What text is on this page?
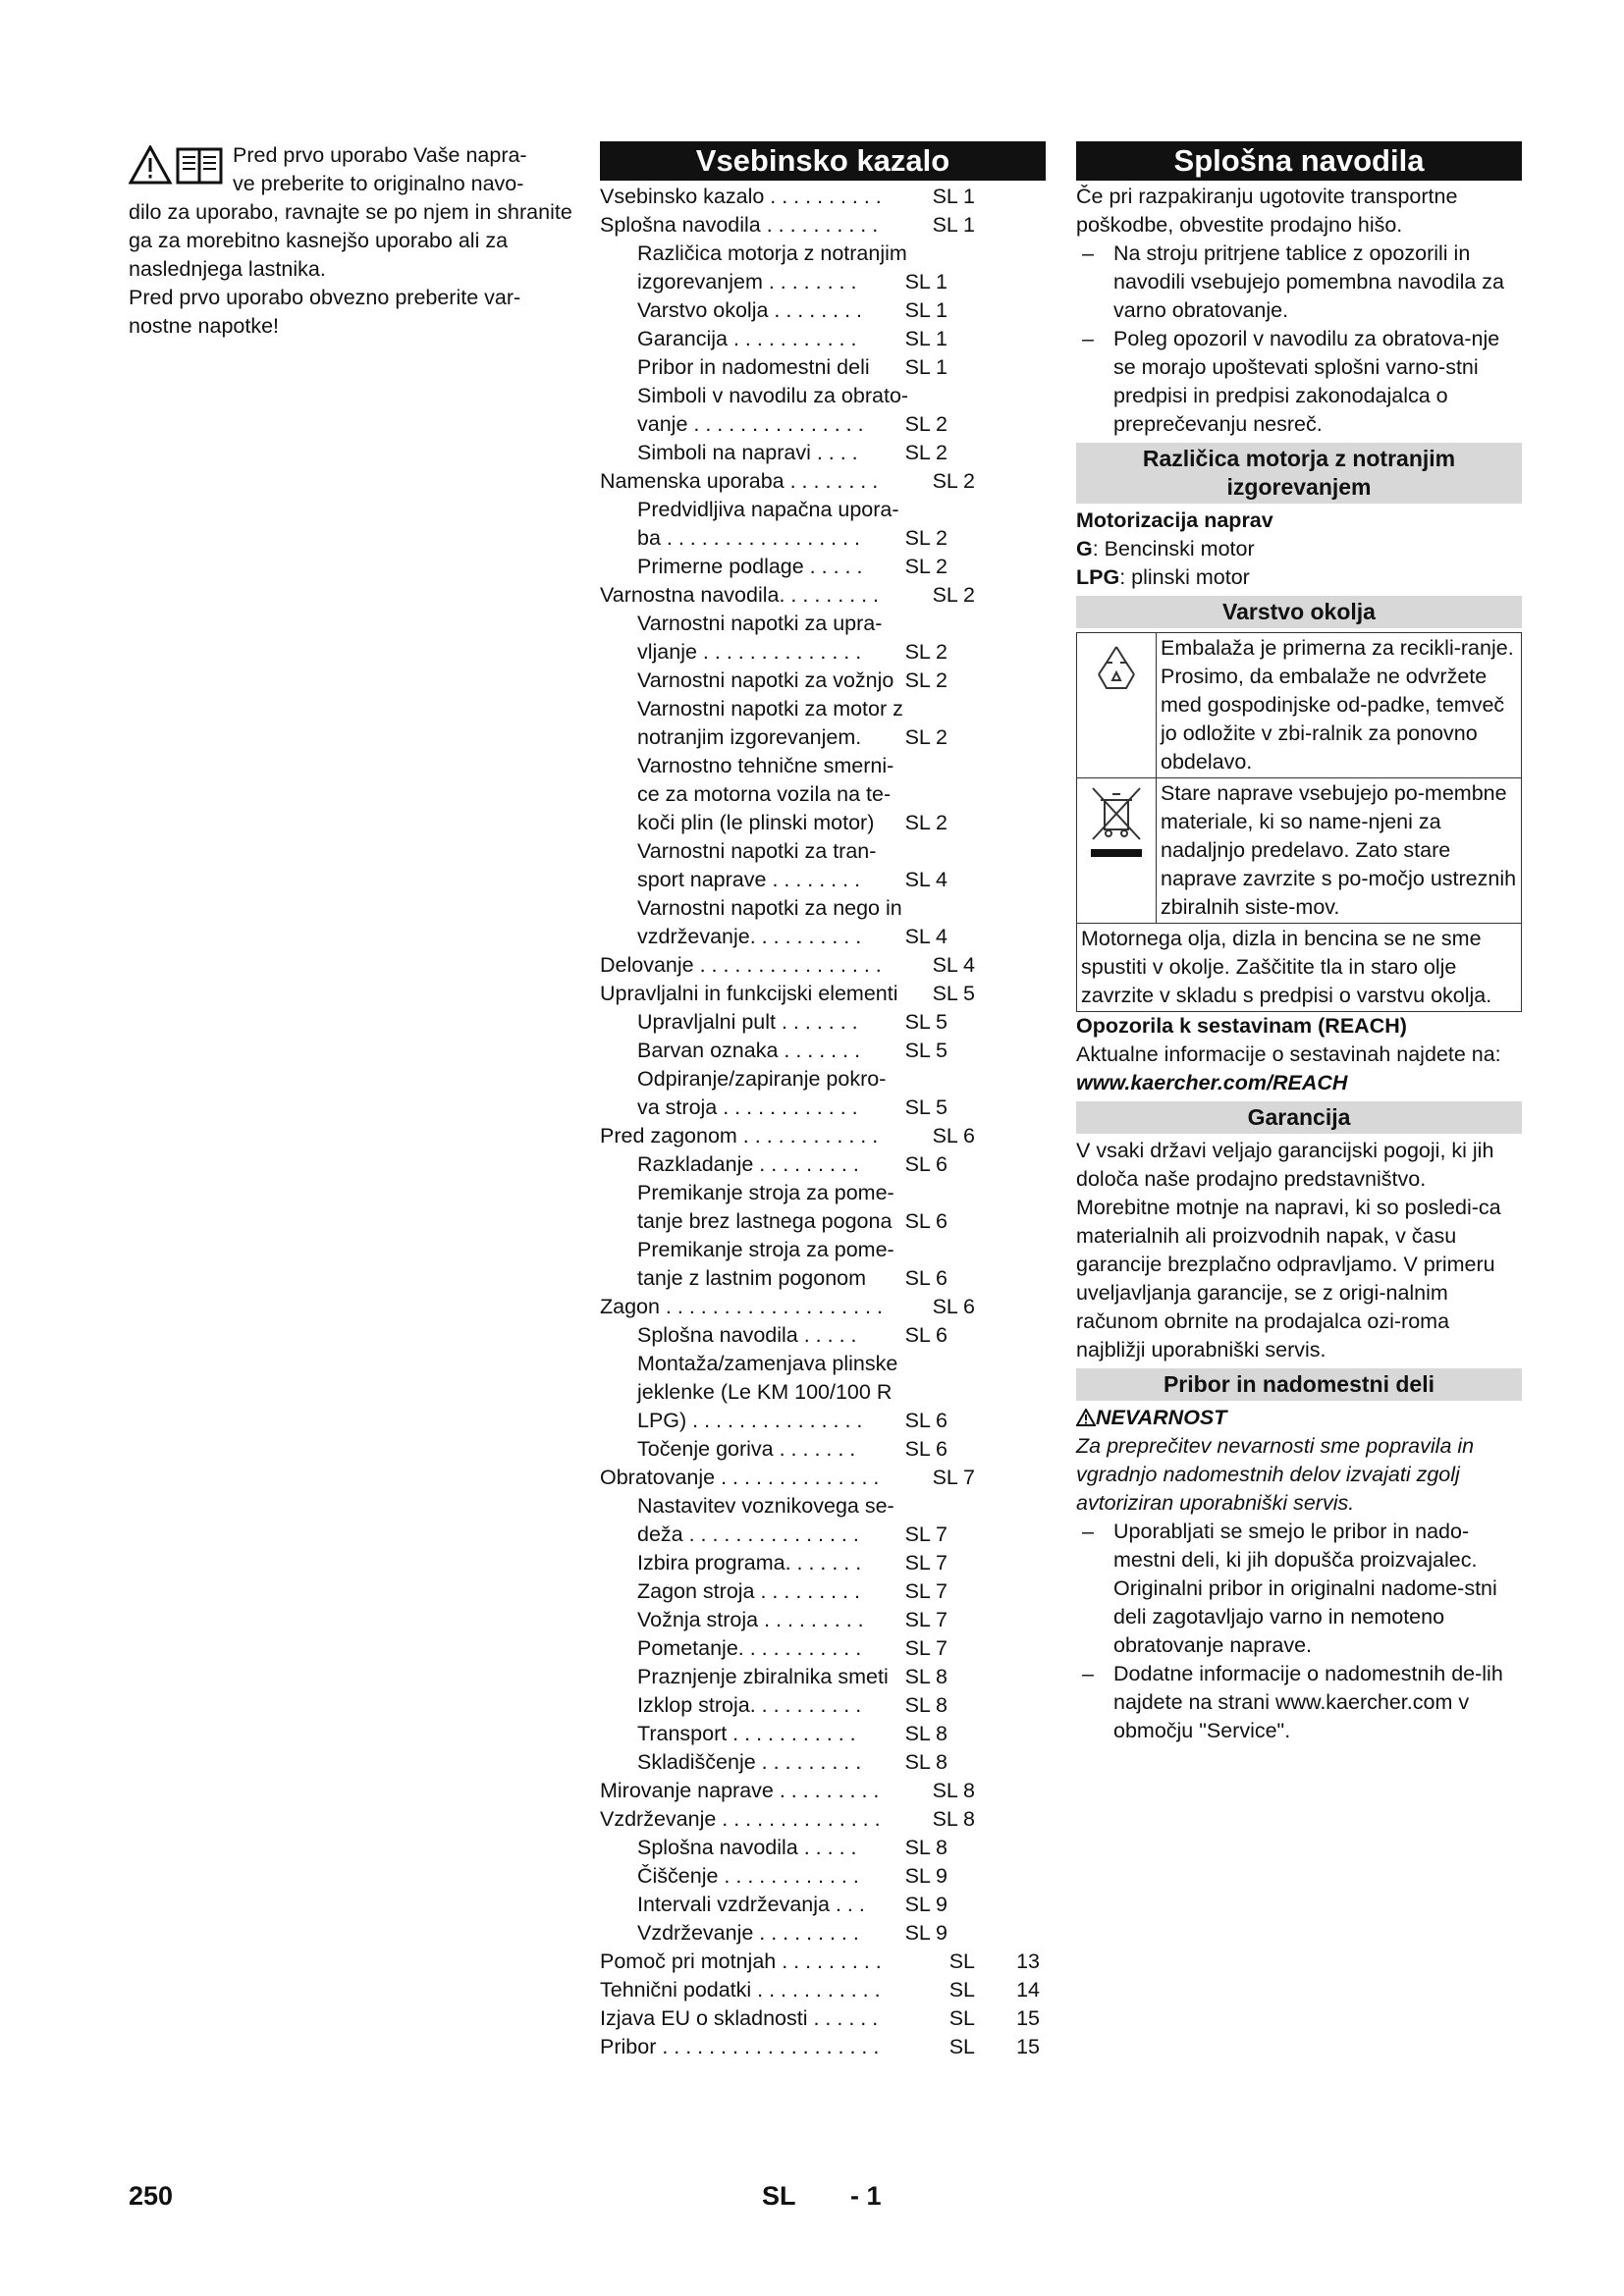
Pred prvo uporabo Vaše napra-
ve preberite to originalno navo-

dilo za uporabo, ravnajte se po njem in shranite ga za morebitno kasnejšo uporabo ali za naslednjega lastnika.

Pred prvo uporabo obvezno preberite var-nostne napotke!

Vsebinsko kazalo
Vsebinsko kazalo . . . . . . . . . .	SL 1
Splošna navodila . . . . . . . . . .	SL 1
Različica motorja z notranjim
izgorevanjem . . . . . . . .	SL 1
Varstvo okolja . . . . . . . .	SL 1
Garancija . . . . . . . . . . .	SL 1
Pribor in nadomestni deli	SL 1
Simboli v navodilu za obrato-
vanje . . . . . . . . . . . . . . .	SL 2
Simboli na napravi . . . .	SL 2
Namenska uporaba . . . . . . . .	SL 2
Predvidljiva napačna upora-
ba . . . . . . . . . . . . . . . . .	SL 2
Primerne podlage . . . . .	SL 2
Varnostna navodila. . . . . . . . .	SL 2
Varnostni napotki za upra-
vljanje . . . . . . . . . . . . . .	SL 2
Varnostni napotki za vožnjo SL 2
Varnostni napotki za motor z
notranjim izgorevanjem.	SL 2
Varnostno tehnične smerni-
ce za motorna vozila na te-
koči plin (le plinski motor)	SL 2
Varnostni napotki za tran-
sport naprave . . . . . . . .	SL 4
Varnostni napotki za nego in
vzdrževanje. . . . . . . . . .	SL 4
Delovanje . . . . . . . . . . . . . . . .	SL 4
Upravljalni in funkcijski elementi	SL 5
Upravljalni pult . . . . . . .	SL 5
Barvan oznaka . . . . . . .	SL 5
Odpiranje/zapiranje pokro-
va stroja . . . . . . . . . . . .	SL 5
Pred zagonom . . . . . . . . . . . .	SL 6
Razkladanje . . . . . . . . .	SL 6
Premikanje stroja za pome-
tanje brez lastnega pogona SL 6
Premikanje stroja za pome-
tanje z lastnim pogonom	SL 6
Zagon . . . . . . . . . . . . . . . . . . .	SL 6
Splošna navodila . . . . .	SL 6
Montaža/zamenjava plinske
jeklenke (Le KM 100/100 R
LPG) . . . . . . . . . . . . . . .	SL 6
Točenje goriva . . . . . . .	SL 6
Obratovanje . . . . . . . . . . . . . .	SL 7
Nastavitev voznikovega se-
deža . . . . . . . . . . . . . . .	SL 7
Izbira programa. . . . . . .	SL 7
Zagon stroja . . . . . . . . .	SL 7
Vožnja stroja . . . . . . . . .	SL 7
Pometanje. . . . . . . . . . .	SL 7
Praznjenje zbiralnika smeti SL 8
Izklop stroja. . . . . . . . . .	SL 8
Transport . . . . . . . . . . .	SL 8
Skladiščenje . . . . . . . . .	SL 8
Mirovanje naprave . . . . . . . . .	SL 8
Vzdrževanje . . . . . . . . . . . . . .	SL 8
Splošna navodila . . . . .	SL 8
Čiščenje . . . . . . . . . . . .	SL 9
Intervali vzdrževanja . . .	SL 9
Vzdrževanje . . . . . . . . .	SL 9
Pomoč pri motnjah . . . . . . . . .	SL 13
Tehnični podatki . . . . . . . . . . .	SL 14
Izjava EU o skladnosti . . . . . .	SL 15
Pribor . . . . . . . . . . . . . . . . . . .	SL 15
Splošna navodila

Če pri razpakiranju ugotovite transportne poškodbe, obvestite prodajno hišo.

– Na stroju pritrjene tablice z opozorili in navodili vsebujejo pomembna navodila za varno obratovanje.
– Poleg opozoril v navodilu za obratova-nje se morajo upoštevati splošni varno-stni predpisi in predpisi zakonodajalca o preprečevanju nesreč.
Različica motorja z notranjim izgorevanjem
Motorizacija naprav
G: Bencinski motor
LPG: plinski motor
Varstvo okolja
	Embalaža je primerna za recikli-ranje. Prosimo, da embalaže ne odvržete med gospodinjske od-padke, temveč jo odložite v zbi-ralnik za ponovno obdelavo.
	Stare naprave vsebujejo po-membne materiale, ki so name-njeni za nadaljnjo predelavo. Zato stare naprave zavrzite s po-močjo ustreznih zbiralnih siste-mov.
Motornega olja, dizla in bencina se ne sme spustiti v okolje. Zaščitite tla in staro olje zavrzite v skladu s predpisi o varstvu okolja.	
Opozorila k sestavinam (REACH)
Aktualne informacije o sestavinah najdete na:
www.kaercher.com/REACH
Garancija

V vsaki državi veljajo garancijski pogoji, ki jih določa naše prodajno predstavništvo. Morebitne motnje na napravi, ki so posledi-ca materialnih ali proizvodnih napak, v času garancije brezplačno odpravljamo. V primeru uveljavljanja garancije, se z origi-nalnim računom obrnite na prodajalca ozi-roma najbližji uporabniški servis.

Pribor in nadomestni deli
NEVARNOST

Za preprečitev nevarnosti sme popravila in vgradnjo nadomestnih delov izvajati zgolj avtoriziran uporabniški servis.

– Uporabljati se smejo le pribor in nado-mestni deli, ki jih dopušča proizvajalec. Originalni pribor in originalni nadome-stni deli zagotavljajo varno in nemoteno obratovanje naprave.
– Dodatne informacije o nadomestnih de-lih najdete na strani www.kaercher.com v območju "Service".
250	SL - 1
